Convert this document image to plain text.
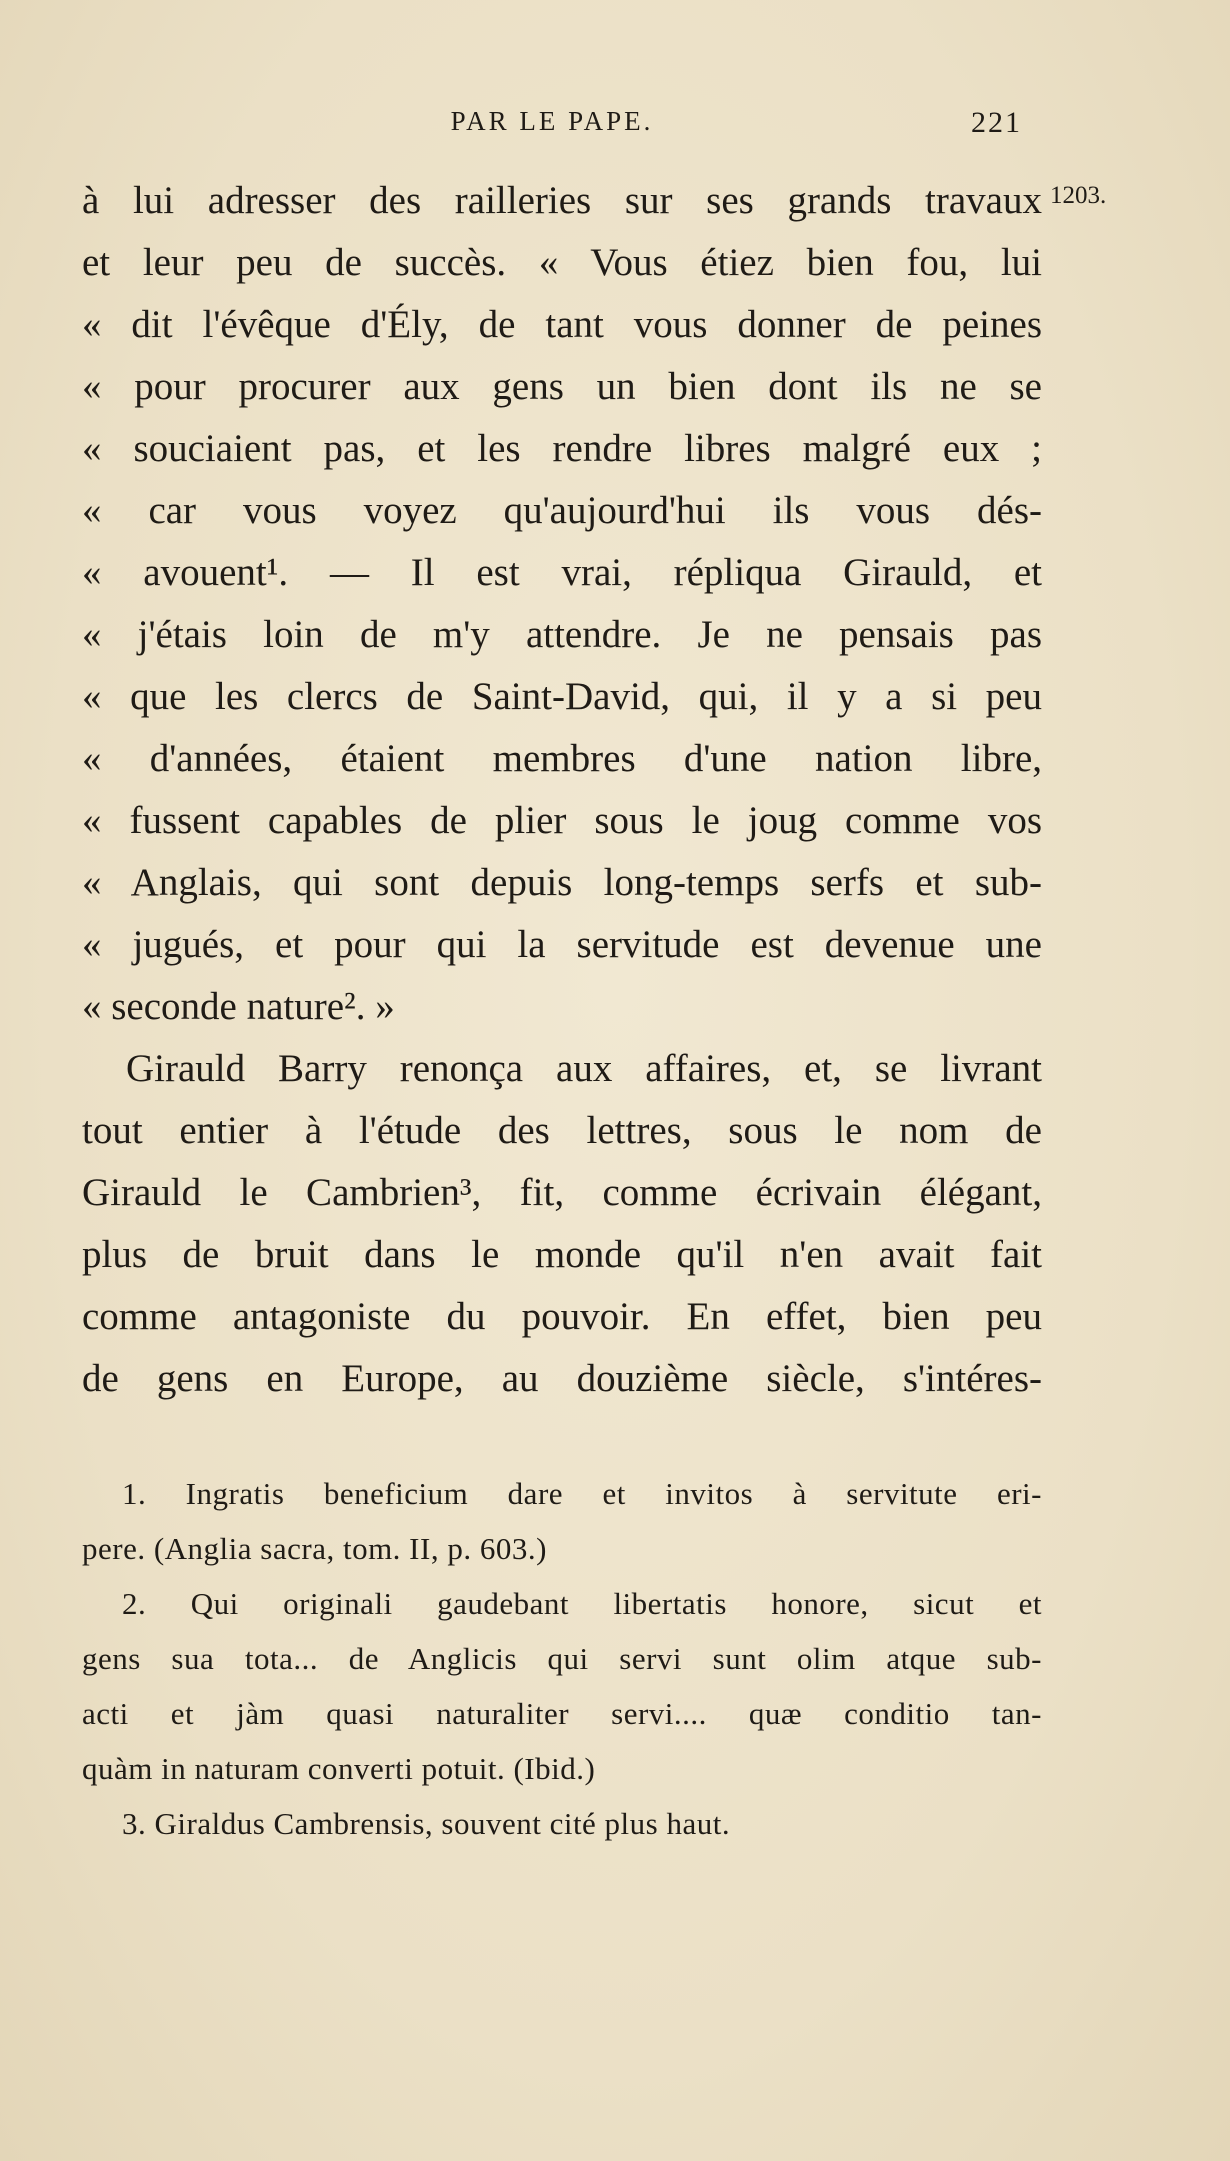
PAR LE PAPE.	221
1203.
à lui adresser des railleries sur ses grands travaux
et leur peu de succès. « Vous étiez bien fou, lui
« dit l'évêque d'Ély, de tant vous donner de peines
« pour procurer aux gens un bien dont ils ne se
« souciaient pas, et les rendre libres malgré eux ;
« car vous voyez qu'aujourd'hui ils vous dés-
« avouent¹. — Il est vrai, répliqua Girauld, et
« j'étais loin de m'y attendre. Je ne pensais pas
« que les clercs de Saint-David, qui, il y a si peu
« d'années, étaient membres d'une nation libre,
« fussent capables de plier sous le joug comme vos
« Anglais, qui sont depuis long-temps serfs et sub-
« jugués, et pour qui la servitude est devenue une
« seconde nature². »
Girauld Barry renonça aux affaires, et, se livrant
tout entier à l'étude des lettres, sous le nom de
Girauld le Cambrien³, fit, comme écrivain élégant,
plus de bruit dans le monde qu'il n'en avait fait
comme antagoniste du pouvoir. En effet, bien peu
de gens en Europe, au douzième siècle, s'intéres-
1. Ingratis beneficium dare et invitos à servitute eri-
pere. (Anglia sacra, tom. II, p. 603.)
2. Qui originali gaudebant libertatis honore, sicut et
gens sua tota... de Anglicis qui servi sunt olim atque sub-
acti et jàm quasi naturaliter servi.... quæ conditio tan-
quàm in naturam converti potuit. (Ibid.)
3. Giraldus Cambrensis, souvent cité plus haut.
